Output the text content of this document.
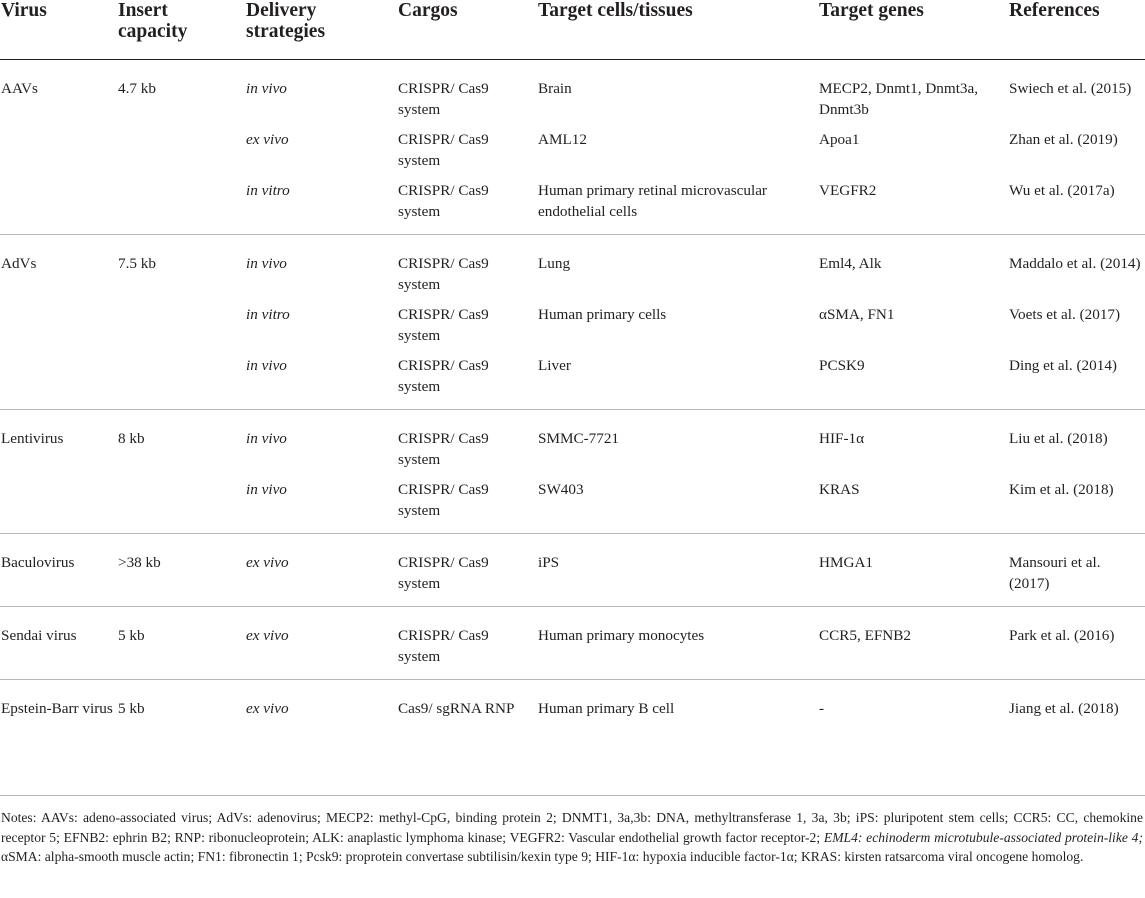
Virus	Insert capacity	Delivery strategies	Cargos	Target cells/tissues	Target genes	References
AAVs	4.7 kb	in vivo	CRISPR/ Cas9 system	Brain	MECP2, Dnmt1, Dnmt3a, Dnmt3b	Swiech et al. (2015)
		ex vivo	CRISPR/ Cas9 system	AML12	Apoa1	Zhan et al. (2019)
		in vitro	CRISPR/ Cas9 system	Human primary retinal microvascular endothelial cells	VEGFR2	Wu et al. (2017a)
AdVs	7.5 kb	in vivo	CRISPR/ Cas9 system	Lung	Eml4, Alk	Maddalo et al. (2014)
		in vitro	CRISPR/ Cas9 system	Human primary cells	αSMA, FN1	Voets et al. (2017)
		in vivo	CRISPR/ Cas9 system	Liver	PCSK9	Ding et al. (2014)
Lentivirus	8 kb	in vivo	CRISPR/ Cas9 system	SMMC-7721	HIF-1α	Liu et al. (2018)
		in vivo	CRISPR/ Cas9 system	SW403	KRAS	Kim et al. (2018)
Baculovirus	>38 kb	ex vivo	CRISPR/ Cas9 system	iPS	HMGA1	Mansouri et al. (2017)
Sendai virus	5 kb	ex vivo	CRISPR/ Cas9 system	Human primary monocytes	CCR5, EFNB2	Park et al. (2016)
Epstein-Barr virus	5 kb	ex vivo	Cas9/ sgRNA RNP	Human primary B cell	-	Jiang et al. (2018)
Notes: AAVs: adeno-associated virus; AdVs: adenovirus; MECP2: methyl-CpG, binding protein 2; DNMT1, 3a,3b: DNA, methyltransferase 1, 3a, 3b; iPS: pluripotent stem cells; CCR5: CC, chemokine receptor 5; EFNB2: ephrin B2; RNP: ribonucleoprotein; ALK: anaplastic lymphoma kinase; VEGFR2: Vascular endothelial growth factor receptor-2; EML4: echinoderm microtubule-associated protein-like 4; αSMA: alpha-smooth muscle actin; FN1: fibronectin 1; Pcsk9: proprotein convertase subtilisin/kexin type 9; HIF-1α: hypoxia inducible factor-1α; KRAS: kirsten ratsarcoma viral oncogene homolog.
